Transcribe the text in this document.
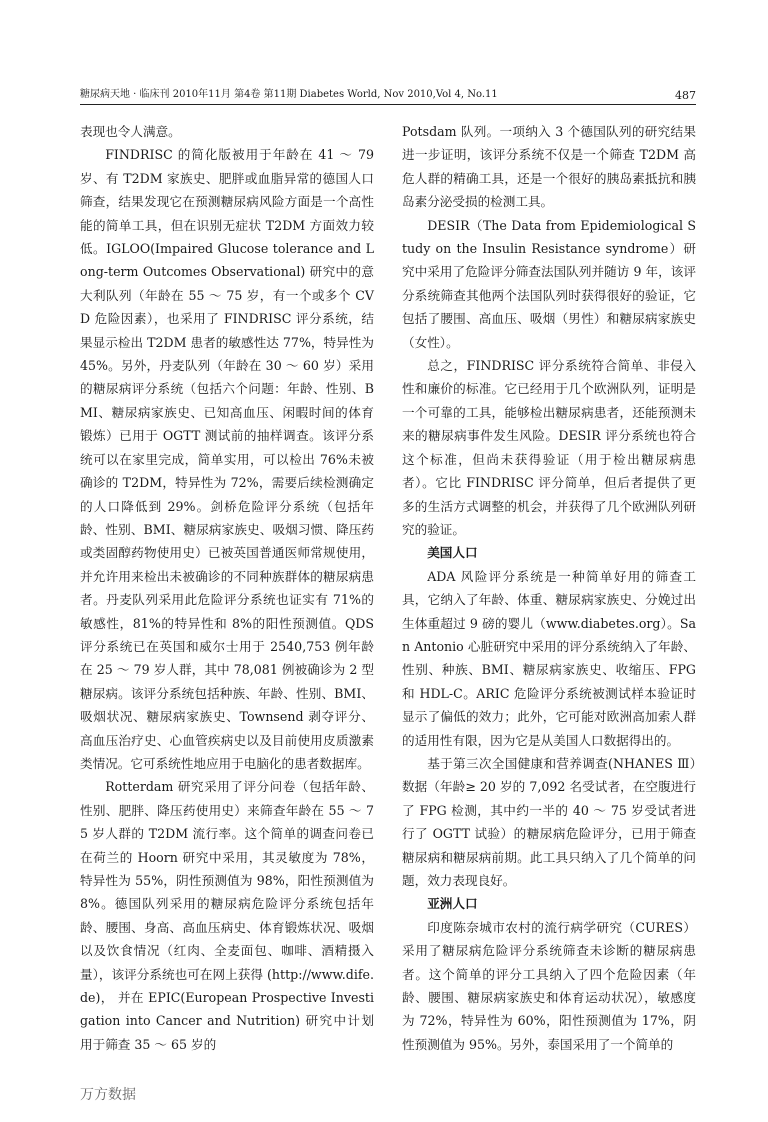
糖尿病天地 · 临床刊 2010年11月 第4卷 第11期 Diabetes World, Nov 2010,Vol 4, No.11	487

表现也令人满意。

FINDRISC 的简化版被用于年龄在 41 ～ 79 岁、有 T2DM 家族史、肥胖或血脂异常的德国人口筛查，结果发现它在预测糖尿病风险方面是一个高性能的简单工具，但在识别无症状 T2DM 方面效力较低。IGLOO(Impaired Glucose tolerance and Long-term Outcomes Observational) 研究中的意大利队列（年龄在 55 ～ 75 岁，有一个或多个 CVD 危险因素），也采用了 FINDRISC 评分系统，结果显示检出 T2DM 患者的敏感性达 77%，特异性为 45%。另外，丹麦队列（年龄在 30 ～ 60 岁）采用的糖尿病评分系统（包括六个问题：年龄、性别、BMI、糖尿病家族史、已知高血压、闲暇时间的体育锻炼）已用于 OGTT 测试前的抽样调查。该评分系统可以在家里完成，简单实用，可以检出 76%未被确诊的 T2DM，特异性为 72%，需要后续检测确定的人口降低到 29%。剑桥危险评分系统（包括年龄、性别、BMI、糖尿病家族史、吸烟习惯、降压药或类固醇药物使用史）已被英国普通医师常规使用，并允许用来检出未被确诊的不同种族群体的糖尿病患者。丹麦队列采用此危险评分系统也证实有 71%的敏感性，81%的特异性和 8%的阳性预测值。QDS 评分系统已在英国和威尔士用于 2540,753 例年龄在 25 ～ 79 岁人群，其中 78,081 例被确诊为 2 型糖尿病。该评分系统包括种族、年龄、性别、BMI、吸烟状况、糖尿病家族史、Townsend 剥夺评分、高血压治疗史、心血管疾病史以及目前使用皮质激素类情况。它可系统性地应用于电脑化的患者数据库。

Rotterdam 研究采用了评分问卷（包括年龄、性别、肥胖、降压药使用史）来筛查年龄在 55 ～ 75 岁人群的 T2DM 流行率。这个简单的调查问卷已在荷兰的 Hoorn 研究中采用，其灵敏度为 78%，特异性为 55%，阴性预测值为 98%，阳性预测值为 8%。德国队列采用的糖尿病危险评分系统包括年龄、腰围、身高、高血压病史、体育锻炼状况、吸烟以及饮食情况（红肉、全麦面包、咖啡、酒精摄入量），该评分系统也可在网上获得 (http://www.dife.de)， 并在 EPIC(European Prospective Investigation into Cancer and Nutrition) 研究中计划用于筛查 35 ～ 65 岁的

Potsdam 队列。一项纳入 3 个德国队列的研究结果进一步证明，该评分系统不仅是一个筛查 T2DM 高危人群的精确工具，还是一个很好的胰岛素抵抗和胰岛素分泌受损的检测工具。

DESIR（The Data from Epidemiological Study on the Insulin Resistance syndrome）研究中采用了危险评分筛查法国队列并随访 9 年，该评分系统筛查其他两个法国队列时获得很好的验证，它包括了腰围、高血压、吸烟（男性）和糖尿病家族史（女性）。

总之，FINDRISC 评分系统符合简单、非侵入性和廉价的标准。它已经用于几个欧洲队列，证明是一个可靠的工具，能够检出糖尿病患者，还能预测未来的糖尿病事件发生风险。DESIR 评分系统也符合这个标准，但尚未获得验证（用于检出糖尿病患者）。它比 FINDRISC 评分简单，但后者提供了更多的生活方式调整的机会，并获得了几个欧洲队列研究的验证。

美国人口

ADA 风险评分系统是一种简单好用的筛查工具，它纳入了年龄、体重、糖尿病家族史、分娩过出生体重超过 9 磅的婴儿（www.diabetes.org）。San Antonio 心脏研究中采用的评分系统纳入了年龄、性别、种族、BMI、糖尿病家族史、收缩压、FPG 和 HDL-C。ARIC 危险评分系统被测试样本验证时显示了偏低的效力；此外，它可能对欧洲高加索人群的适用性有限，因为它是从美国人口数据得出的。

基于第三次全国健康和营养调查(NHANES Ⅲ）数据（年龄≥ 20 岁的 7,092 名受试者，在空腹进行了 FPG 检测，其中约一半的 40 ～ 75 岁受试者进行了 OGTT 试验）的糖尿病危险评分，已用于筛查糖尿病和糖尿病前期。此工具只纳入了几个简单的问题，效力表现良好。

亚洲人口

印度陈奈城市农村的流行病学研究（CURES）采用了糖尿病危险评分系统筛查未诊断的糖尿病患者。这个简单的评分工具纳入了四个危险因素（年龄、腰围、糖尿病家族史和体育运动状况），敏感度为 72%，特异性为 60%，阳性预测值为 17%，阴性预测值为 95%。另外，泰国采用了一个简单的

万方数据
